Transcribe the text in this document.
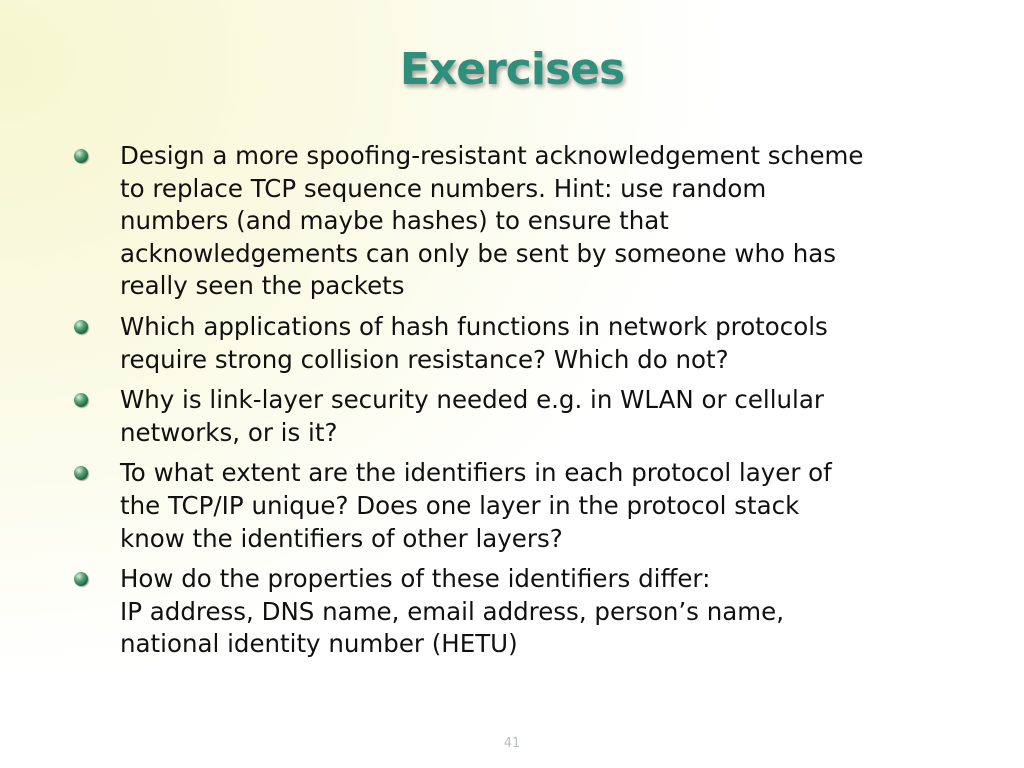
Exercises
Design a more spoofing-resistant acknowledgement scheme
to replace TCP sequence numbers. Hint: use random
numbers (and maybe hashes) to ensure that
acknowledgements can only be sent by someone who has
really seen the packets
Which applications of hash functions in network protocols
require strong collision resistance? Which do not?
Why is link-layer security needed e.g. in WLAN or cellular
networks, or is it?
To what extent are the identifiers in each protocol layer of
the TCP/IP unique? Does one layer in the protocol stack
know the identifiers of other layers?
How do the properties of these identifiers differ:
IP address, DNS name, email address, person’s name,
national identity number (HETU)
41
